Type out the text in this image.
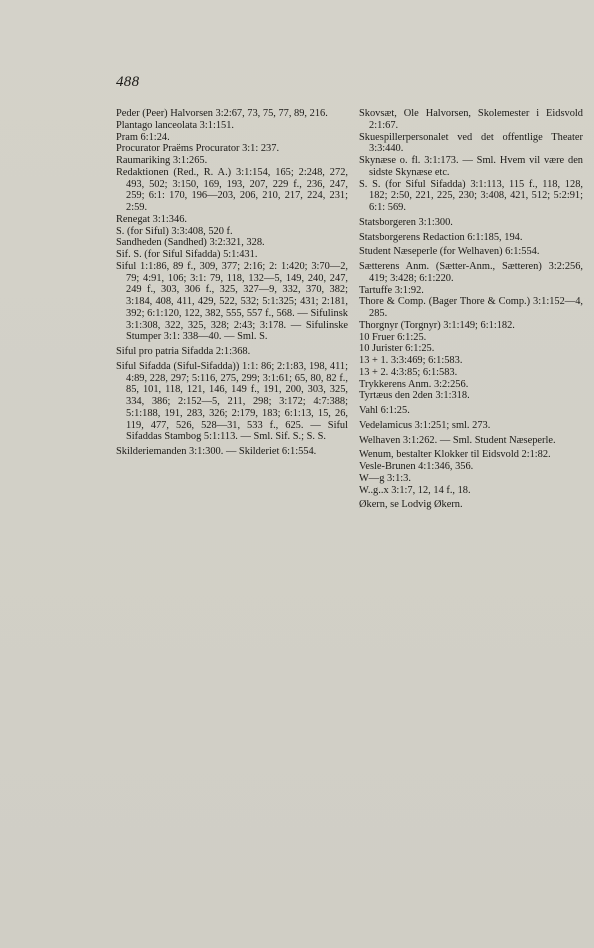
488

Peder (Peer) Halvorsen 3:2:67, 73, 75, 77, 89, 216.

Plantago lanceolata 3:1:151.

Pram 6:1:24.

Procurator Praëms Procurator 3:1: 237.

Raumariking 3:1:265.

Redaktionen (Red., R. A.) 3:1:154, 165; 2:248, 272, 493, 502; 3:150, 169, 193, 207, 229 f., 236, 247, 259; 6:1: 170, 196—203, 206, 210, 217, 224, 231; 2:59.

Renegat 3:1:346.

S. (for Siful) 3:3:408, 520 f.

Sandheden (Sandhed) 3:2:321, 328.

Sif. S. (for Siful Sifadda) 5:1:431.

Siful 1:1:86, 89 f., 309, 377; 2:16; 2: 1:420; 3:70—2, 79; 4:91, 106; 3:1: 79, 118, 132—5, 149, 240, 247, 249 f., 303, 306 f., 325, 327—9, 332, 370, 382; 3:184, 408, 411, 429, 522, 532; 5:1:325; 431; 2:181, 392; 6:1:120, 122, 382, 555, 557 f., 568. — Sifulinsk 3:1:308, 322, 325, 328; 2:43; 3:178. — Sifulinske Stumper 3:1: 338—40. — Sml. S.

Siful pro patria Sifadda 2:1:368.

Siful Sifadda (Siful-Sifadda)) 1:1: 86; 2:1:83, 198, 411; 4:89, 228, 297; 5:116, 275, 299; 3:1:61; 65, 80, 82 f., 85, 101, 118, 121, 146, 149 f., 191, 200, 303, 325, 334, 386; 2:152—5, 211, 298; 3:172; 4:7:388; 5:1:188, 191, 283, 326; 2:179, 183; 6:1:13, 15, 26, 119, 477, 526, 528—31, 533 f., 625. — Siful Sifaddas Stambog 5:1:113. — Sml. Sif. S.; S. S.

Skilderiemanden 3:1:300. — Skilderiet 6:1:554.

Skovsæt, Ole Halvorsen, Skolemester i Eidsvold 2:1:67.

Skuespillerpersonalet ved det offentlige Theater 3:3:440.

Skynæse o. fl. 3:1:173. — Sml. Hvem vil være den sidste Skynæse etc.

S. S. (for Siful Sifadda) 3:1:113, 115 f., 118, 128, 182; 2:50, 221, 225, 230; 3:408, 421, 512; 5:2:91; 6:1: 569.

Statsborgeren 3:1:300.

Statsborgerens Redaction 6:1:185, 194.

Student Næseperle (for Welhaven) 6:1:554.

Sætterens Anm. (Sætter-Anm., Sætteren) 3:2:256, 419; 3:428; 6:1:220.

Tartuffe 3:1:92.

Thore & Comp. (Bager Thore & Comp.) 3:1:152—4, 285.

Thorgnyr (Torgnyr) 3:1:149; 6:1:182.

10 Fruer 6:1:25.

10 Jurister 6:1:25.

13 + 1. 3:3:469; 6:1:583.

13 + 2. 4:3:85; 6:1:583.

Trykkerens Anm. 3:2:256.

Tyrtæus den 2den 3:1:318.

Vahl 6:1:25.

Vedelamicus 3:1:251; sml. 273.

Welhaven 3:1:262. — Sml. Student Næseperle.

Wenum, bestalter Klokker til Eidsvold 2:1:82.

Vesle-Brunen 4:1:346, 356.

W—g 3:1:3.

W..g..x 3:1:7, 12, 14 f., 18.

Økern, se Lodvig Økern.
